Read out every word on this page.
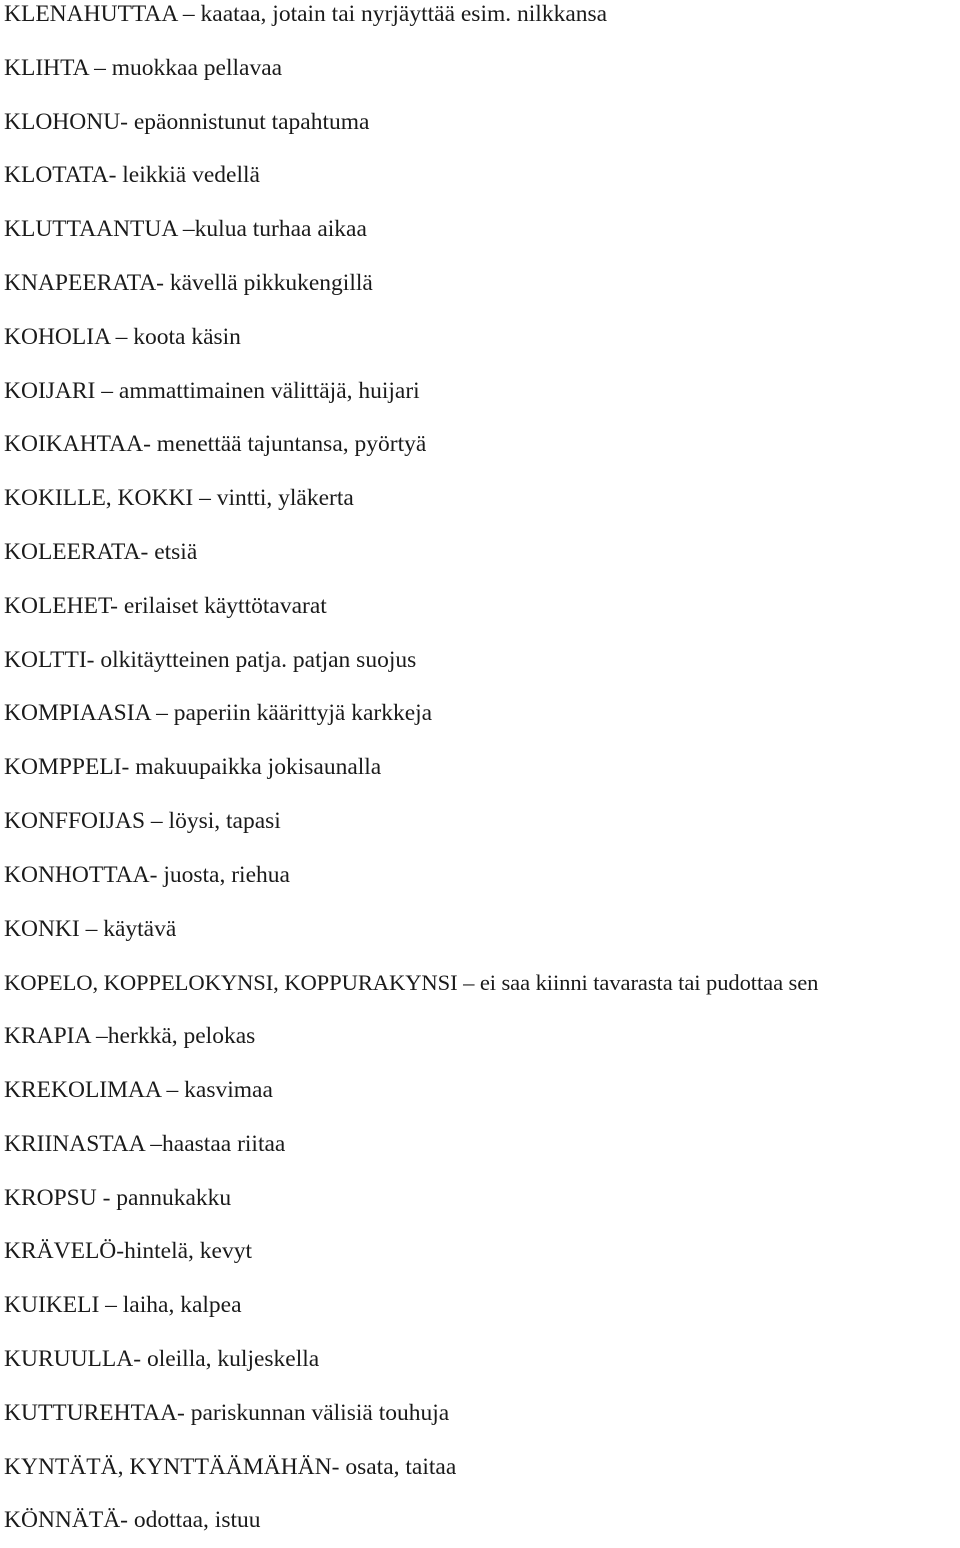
KLENAHUTTAA – kaataa, jotain tai nyrjäyttää esim. nilkkansa
KLIHTA – muokkaa pellavaa
KLOHONU- epäonnistunut tapahtuma
KLOTATA- leikkiä vedellä
KLUTTAANTUA –kulua turhaa aikaa
KNAPEERATA- kävellä pikkukengillä
KOHOLIA – koota käsin
KOIJARI – ammattimainen välittäjä, huijari
KOIKAHTAA- menettää tajuntansa, pyörtyä
KOKILLE, KOKKI – vintti, yläkerta
KOLEERATA- etsiä
KOLEHET- erilaiset käyttötavarat
KOLTTI- olkitäytteinen patja. patjan suojus
KOMPIAASIA – paperiin käärittyjä karkkeja
KOMPPELI- makuupaikka jokisaunalla
KONFFOIJAS – löysi, tapasi
KONHOTTAA- juosta, riehua
KONKI – käytävä
KOPELO, KOPPELOKYNSI, KOPPURAKYNSI – ei saa kiinni tavarasta tai pudottaa sen
KRAPIA –herkkä, pelokas
KREKOLIMAA – kasvimaa
KRIINASTAA –haastaa riitaa
KROPSU - pannukakku
KRÄVELÖ-hintelä, kevyt
KUIKELI – laiha, kalpea
KURUULLA- oleilla, kuljeskella
KUTTUREHTAA- pariskunnan välisiä touhuja
KYNTÄTÄ, KYNTTÄÄMÄHÄN- osata, taitaa
KÖNNÄTÄ- odottaa, istuu
